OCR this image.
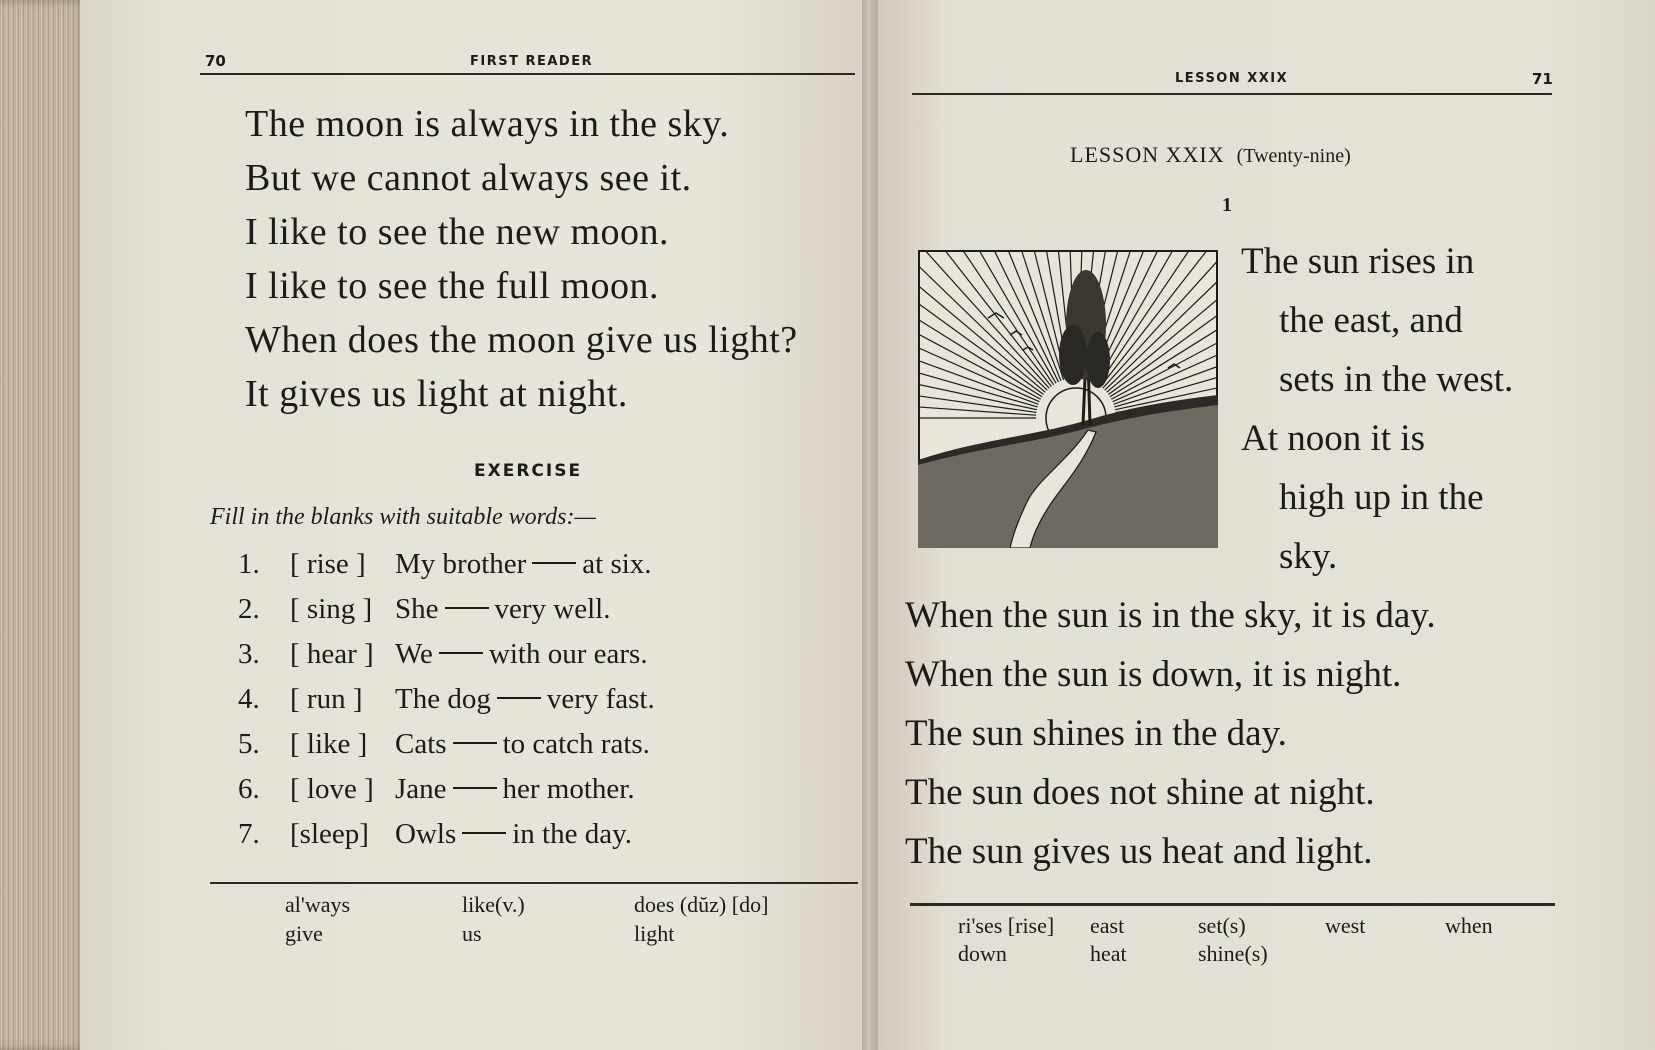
70	FIRST READER
The moon is always in the sky.
But we cannot always see it.
I like to see the new moon.
I like to see the full moon.
When does the moon give us light?
It gives us light at night.
EXERCISE
Fill in the blanks with suitable words:—
1.	[ rise ]	My brother at six.
2.	[ sing ] She very well.
3.	[ hear ] We with our ears.
4.	[ run ]	The dog very fast.
5.	[ like ] Cats to catch rats.
6.	[ love ] Jane her mother.
7.	[sleep] Owls in the day.
al'ways	like(v.)	does (dŭz) [do]
give	us	light
LESSON XXIX	71
LESSON XXIX (Twenty-nine)
1
The sun rises in
the east, and
sets in the west.
At noon it is
high up in the
sky.
When the sun is in the sky, it is day.
When the sun is down, it is night.
The sun shines in the day.
The sun does not shine at night.
The sun gives us heat and light.
ri'ses [rise] east	set(s)	west	when
down	heat	shine(s)
